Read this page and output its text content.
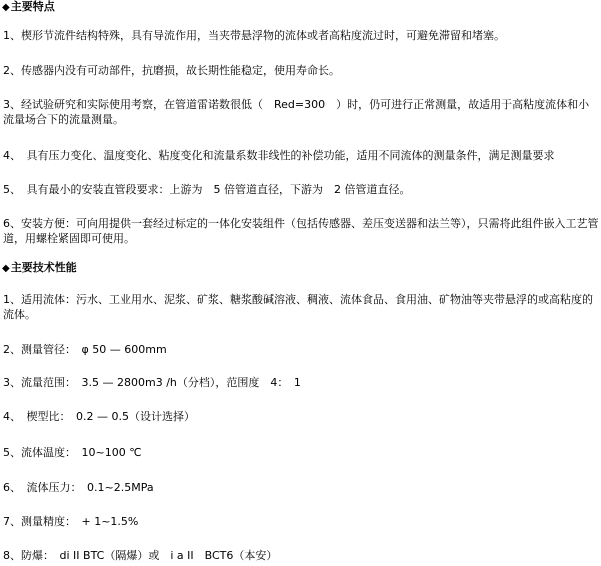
◆主要特点
1、楔形节流件结构特殊，具有导流作用，当夹带悬浮物的流体或者高粘度流过时，可避免滞留和堵塞。
2、传感器内没有可动部件，抗磨损，故长期性能稳定，使用寿命长。
3、经试验研究和实际使用考察，在管道雷诺数很低（　Red=300　）时，仍可进行正常测量，故适用于高粘度流体和小流量场合下的流量测量。
4、　具有压力变化、温度变化、粘度变化和流量系数非线性的补偿功能，适用不同流体的测量条件，满足测量要求
5、　具有最小的安装直管段要求：上游为　5 倍管道直径，下游为　2 倍管道直径。
6、安装方便：可向用提供一套经过标定的一体化安装组件（包括传感器、差压变送器和法兰等），只需将此组件嵌入工艺管道，用螺栓紧固即可使用。
◆主要技术性能
1、适用流体：污水、工业用水、泥浆、矿浆、糖浆酸碱溶液、稠液、流体食品、食用油、矿物油等夹带悬浮的或高粘度的流体。
2、测量管径：　φ 50 — 600mm
3、流量范围：　3.5 — 2800m3 /h（分档），范围度　4：　1
4、　楔型比：　0.2 — 0.5（设计选择）
5、流体温度：　10~100 ℃
6、　流体压力：　0.1~2.5MPa
7、测量精度：　+ 1~1.5%
8、防爆：　di II BTC（隔爆）或　i a II　BCT6（本安）
